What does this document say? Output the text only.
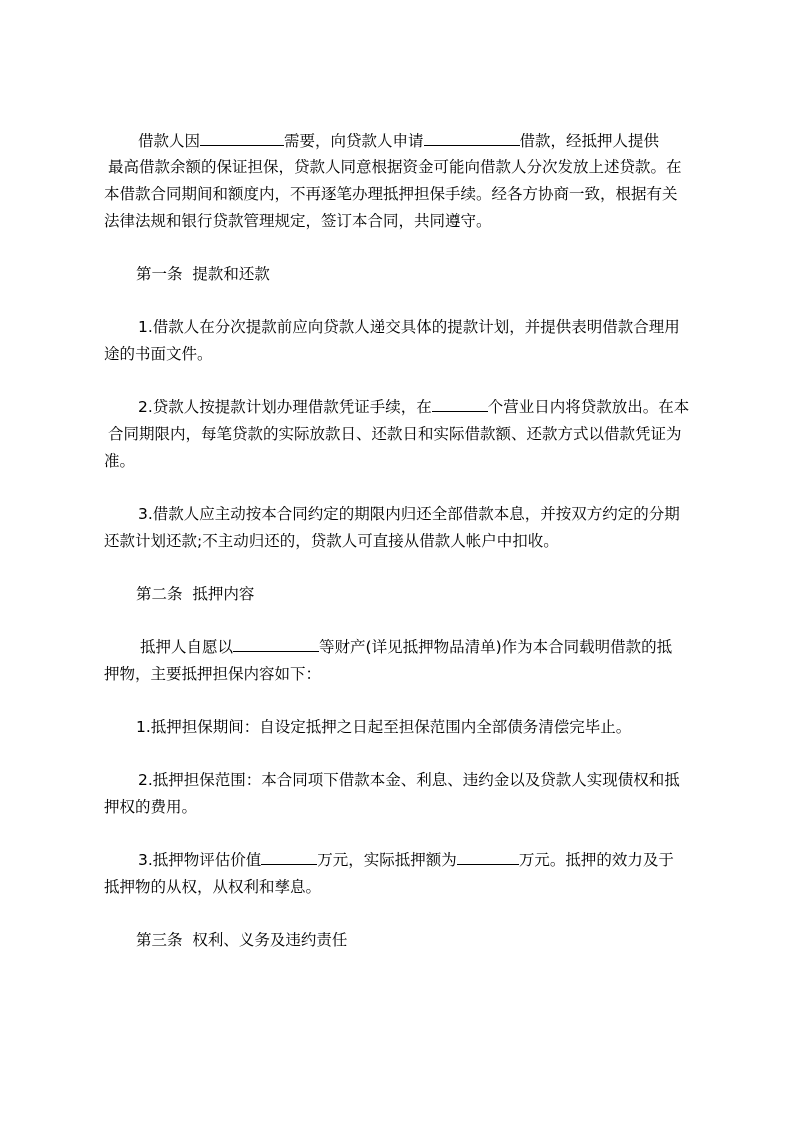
借款人因	需要，向贷款人申请	借款，经抵押人提供
最高借款余额的保证担保，贷款人同意根据资金可能向借款人分次发放上述贷款。在
本借款合同期间和额度内，不再逐笔办理抵押担保手续。经各方协商一致，根据有关
法律法规和银行贷款管理规定，签订本合同，共同遵守。
第一条  提款和还款
1.借款人在分次提款前应向贷款人递交具体的提款计划，并提供表明借款合理用
途的书面文件。
2.贷款人按提款计划办理借款凭证手续，在	个营业日内将贷款放出。在本
合同期限内，每笔贷款的实际放款日、还款日和实际借款额、还款方式以借款凭证为
准。
3.借款人应主动按本合同约定的期限内归还全部借款本息，并按双方约定的分期
还款计划还款;不主动归还的，贷款人可直接从借款人帐户中扣收。
第二条  抵押内容
抵押人自愿以	等财产(详见抵押物品清单)作为本合同载明借款的抵
押物，主要抵押担保内容如下：
1.抵押担保期间：自设定抵押之日起至担保范围内全部债务清偿完毕止。
2.抵押担保范围：本合同项下借款本金、利息、违约金以及贷款人实现债权和抵
押权的费用。
3.抵押物评估价值	万元，实际抵押额为	万元。抵押的效力及于
抵押物的从权，从权利和孳息。
第三条  权利、义务及违约责任
